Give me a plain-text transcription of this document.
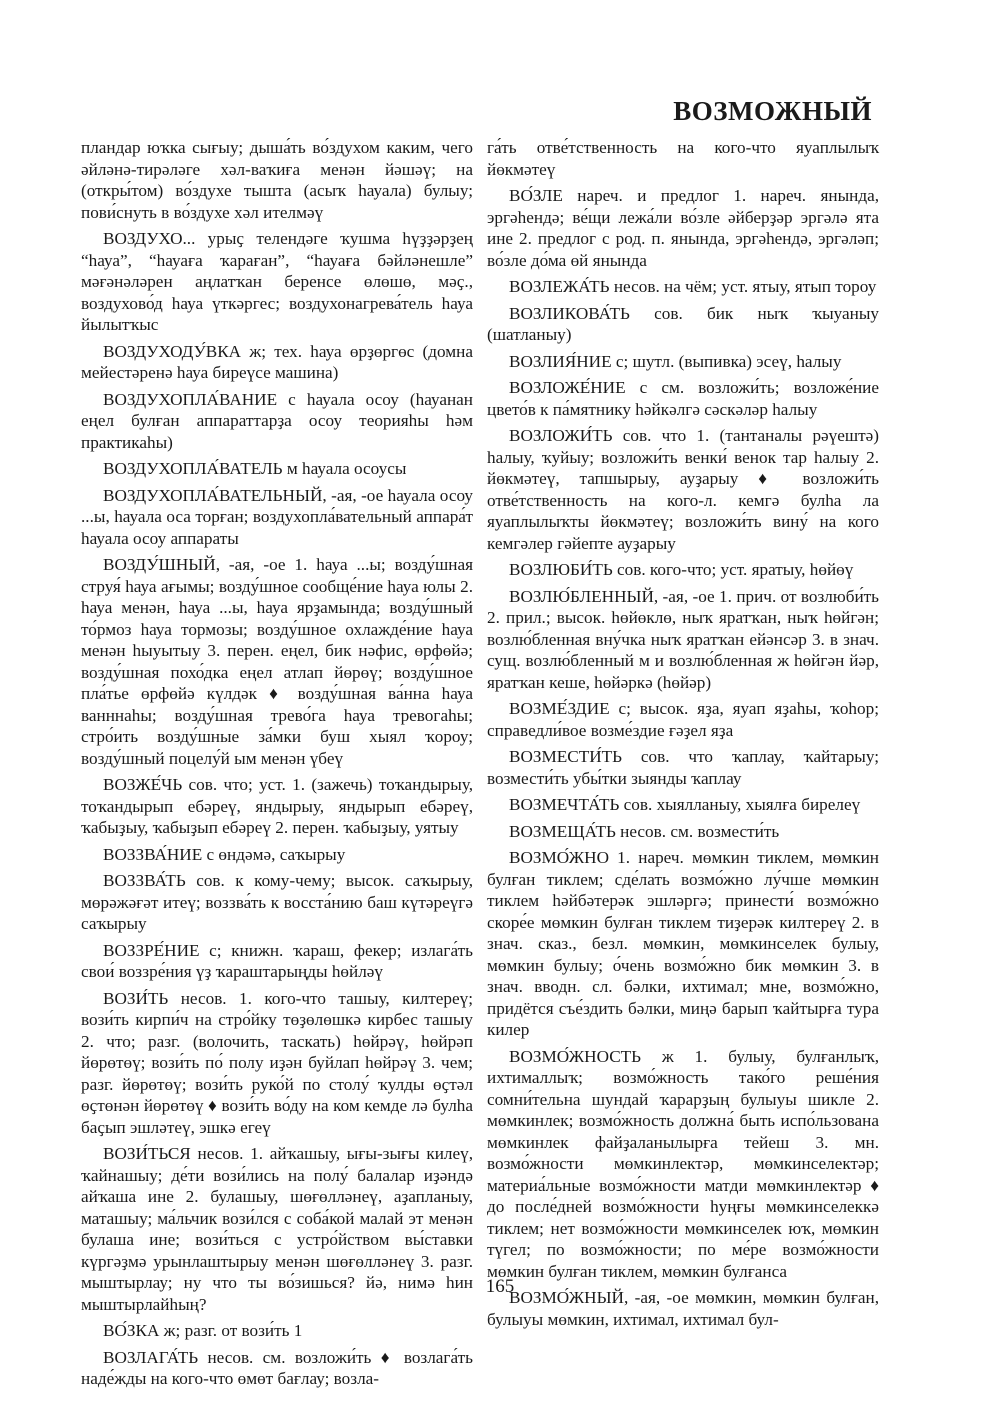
ВОЗМОЖНЫЙ

пландар юҡка сығыу; дыша́ть во́здухом каким, чего әйләнә-тирәләге хәл-ваҡиға менән йәшәү; на (откры́том) во́здухе тышта (асыҡ һауала) булыу; пови́снуть в во́здухе хәл ителмәү

ВОЗДУХО... урыҫ телендәге ҡушма һүҙҙәрҙең “һауа”, “һауаға ҡараған”, “һауаға бәйләнешле” мәғәнәләрен аңлатҡан беренсе өлөшө, мәҫ., воздухово́д һауа үткәргес; воздухонагрева́тель һауа йылытҡыс

ВОЗДУХОДУ́ВКА ж; тех. һауа өрҙөргөс (домна мейестәренә һауа биреүсе машина)

ВОЗДУХОПЛА́ВАНИЕ с һауала осоу (һауанан еңел булған аппараттарҙа осоу теорияһы һәм практикаһы)

ВОЗДУХОПЛА́ВАТЕЛЬ м һауала осоусы

ВОЗДУХОПЛА́ВАТЕЛЬНЫЙ, -ая, -ое һауала осоу ...ы, һауала оса торған; воздухопла́вательный аппара́т һауала осоу аппараты

ВОЗДУ́ШНЫЙ, -ая, -ое 1. һауа ...ы; возду́шная струя́ һауа ағымы; возду́шное сообще́ние һауа юлы 2. һауа менән, һауа ...ы, һауа ярҙамында; возду́шный то́рмоз һауа тормозы; возду́шное охлажде́ние һауа менән һыуытыу 3. перен. еңел, бик нәфис, өрфөйә; возду́шная похо́дка еңел атлап йөрөү; возду́шное пла́тье өрфөйә күлдәк ♦ возду́шная ва́нна һауа ванннаһы; возду́шная трево́га һауа тревогаһы; стро́ить возду́шные за́мки буш хыял ҡороу; возду́шный поцелу́й ым менән үбеү

ВОЗЖЕ́ЧЬ сов. что; уст. 1. (зажечь) тоҡандырыу, тоҡандырып ебәреү, яндырыу, яндырып ебәреү, ҡабыҙыу, ҡабыҙып ебәреү 2. перен. ҡабыҙыу, уятыу

ВОЗЗВА́НИЕ с өндәмә, саҡырыу

ВОЗЗВА́ТЬ сов. к кому-чему; высок. саҡырыу, мөрәжәғәт итеү; воззва́ть к восста́нию баш күтәреүгә саҡырыу

ВОЗЗРЕ́НИЕ с; книжн. ҡараш, фекер; излага́ть свои́ воззре́ния үҙ ҡараштарыңды һөйләү

ВОЗИ́ТЬ несов. 1. кого-что ташыу, килтереү; вози́ть кирпи́ч на стро́йку төҙөлөшкә кирбес ташыу 2. что; разг. (волочить, таскать) һөйрәү, һөйрәп йөрөтөү; вози́ть по́ полу иҙән буйлап һөйрәү 3. чем; разг. йөрөтөү; вози́ть руко́й по столу́ ҡулды өҫтәл өҫтөнән йөрөтөү ♦ вози́ть во́ду на ком кемде лә булһа баҫып эшләтеү, эшкә егеү

ВОЗИ́ТЬСЯ несов. 1. айҡашыу, ығы-зығы килеү, ҡайнашыу; де́ти вози́лись на полу́ балалар иҙәндә айҡаша ине 2. булашыу, шөғөлләнеү, аҙапланыу, маташыу; ма́льчик вози́лся с соба́кой малай эт менән булаша ине; вози́ться с устро́йством вы́ставки күргәҙмә урынлаштырыу менән шөғөлләнеү 3. разг. мыштырлау; ну что ты во́зишься? йә, нимә һин мыштырлайһың?

ВО́ЗКА ж; разг. от вози́ть 1

ВОЗЛАГА́ТЬ несов. см. возложи́ть ♦ возлага́ть наде́жды на кого-что өмөт бағлау; возла-

га́ть отве́тственность на кого-что яуаплылыҡ йөкмәтеү

ВО́ЗЛЕ нареч. и предлог 1. нареч. янында, эргәһендә; ве́щи лежа́ли во́зле әйберҙәр эргәлә ята ине 2. предлог с род. п. янында, эргәһендә, эргәләп; во́зле до́ма өй янында

ВОЗЛЕЖА́ТЬ несов. на чём; уст. ятыу, ятып тороу

ВОЗЛИКОВА́ТЬ сов. бик ныҡ ҡыуаныу (шатланыу)

ВОЗЛИЯ́НИЕ с; шутл. (выпивка) эсеү, һалыу

ВОЗЛОЖЕ́НИЕ с см. возложи́ть; возложе́ние цвето́в к па́мятнику һәйкәлгә сәскәләр һалыу

ВОЗЛОЖИ́ТЬ сов. что 1. (тантаналы рәүештә) һалыу, ҡуйыу; возложи́ть венки́ венок тар һалыу 2. йөкмәтеү, тапшырыу, ауҙарыу ♦ возложи́ть отве́тственность на кого-л. кемгә булһа ла яуаплылыҡты йөкмәтеү; возложи́ть вину́ на кого кемгәлер гәйепте ауҙарыу

ВОЗЛЮБИ́ТЬ сов. кого-что; уст. яратыу, һөйөү

ВОЗЛЮ́БЛЕННЫЙ, -ая, -ое 1. прич. от возлюби́ть 2. прил.; высок. һөйөклө, ныҡ яратҡан, ныҡ һөйгән; возлю́бленная вну́чка ныҡ яратҡан ейәнсәр 3. в знач. сущ. возлю́бленный м и возлю́бленная ж һөйгән йәр, яратҡан кеше, һөйәркә (һөйәр)

ВОЗМЕ́ЗДИЕ с; высок. яҙа, яуап яҙаһы, ҡоһор; справедли́вое возме́здие ғәҙел яҙа

ВОЗМЕСТИ́ТЬ сов. что ҡаплау, ҡайтарыу; возмести́ть убы́тки зыянды ҡаплау

ВОЗМЕЧТА́ТЬ сов. хыялланыу, хыялға бирелеү

ВОЗМЕЩА́ТЬ несов. см. возмести́ть

ВОЗМО́ЖНО 1. нареч. мөмкин тиклем, мөмкин булған тиклем; сде́лать возмо́жно лу́чше мөмкин тиклем һәйбәтерәк эшләргә; принести́ возмо́жно скоре́е мөмкин булған тиклем тиҙерәк килтереү 2. в знач. сказ., безл. мөмкин, мөмкинселек булыу, мөмкин булыу; о́чень возмо́жно бик мөмкин 3. в знач. вводн. сл. бәлки, ихтимал; мне, возмо́жно, придётся съе́здить бәлки, миңә барып ҡайтырға тура килер

ВОЗМО́ЖНОСТЬ ж 1. булыу, булғанлыҡ, ихтималлыҡ; возмо́жность тако́го реше́ния сомни́тельна шундай ҡарарҙың булыуы шикле 2. мөмкинлек; возмо́жность должна́ быть испо́льзована мөмкинлек файҙаланылырға тейеш 3. мн. возмо́жности мөмкинлектәр, мөмкинселектәр; материа́льные возмо́жности матди мөмкинлектәр ♦ до после́дней возмо́жности һуңғы мөмкинселеккә тиклем; нет возмо́жности мөмкинселек юҡ, мөмкин түгел; по возмо́жности; по ме́ре возмо́жности мөмкин булған тиклем, мөмкин булғанса

ВОЗМО́ЖНЫЙ, -ая, -ое мөмкин, мөмкин булған, булыуы мөмкин, ихтимал, ихтимал бул-

165
